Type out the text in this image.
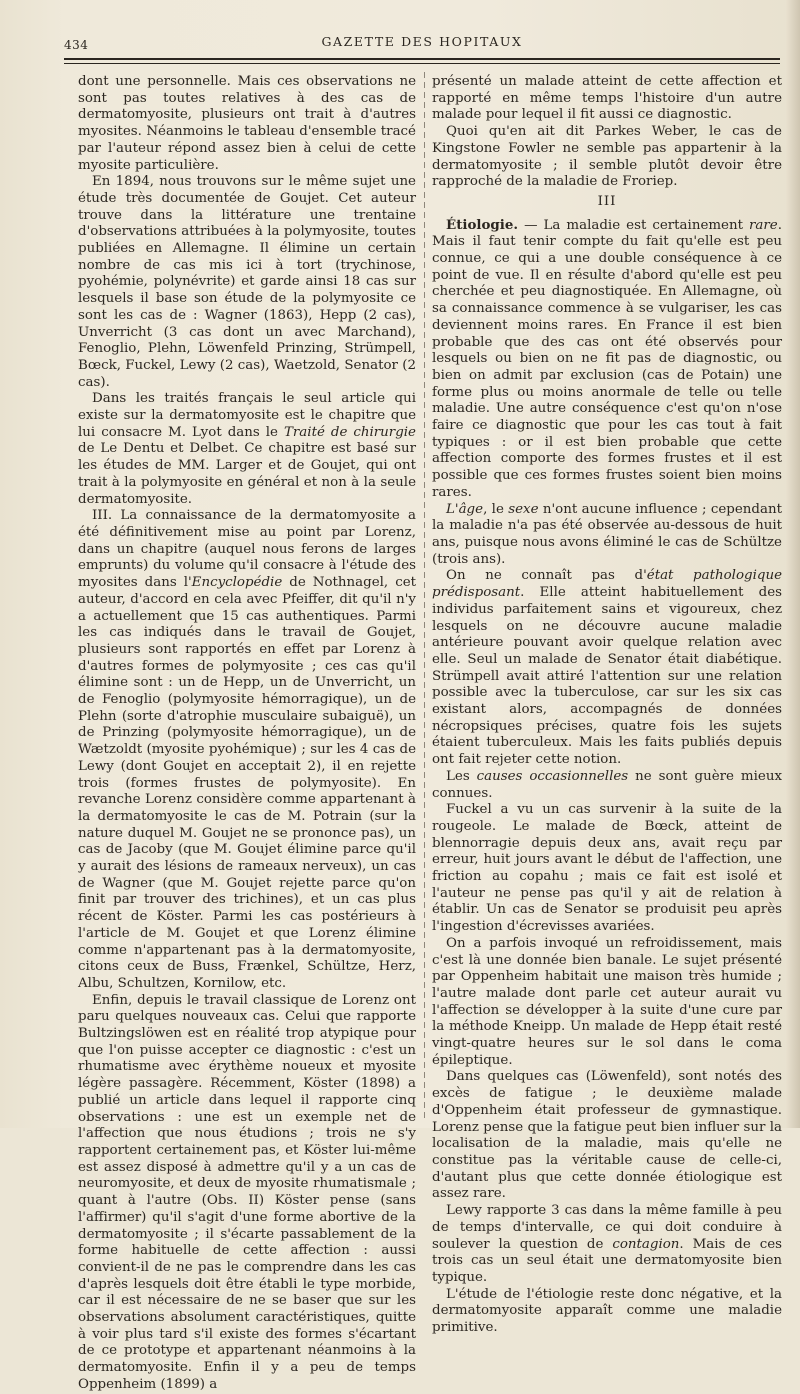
434	GAZETTE DES HOPITAUX

dont une personnelle. Mais ces observations ne sont pas toutes relatives à des cas de dermatomyosite, plusieurs ont trait à d'autres myosites. Néanmoins le tableau d'ensemble tracé par l'auteur répond assez bien à celui de cette myosite particulière.

En 1894, nous trouvons sur le même sujet une étude très documentée de Goujet. Cet auteur trouve dans la littérature une trentaine d'observations attribuées à la polymyosite, toutes publiées en Allemagne. Il élimine un certain nombre de cas mis ici à tort (trychinose, pyohémie, polynévrite) et garde ainsi 18 cas sur lesquels il base son étude de la polymyosite ce sont les cas de : Wagner (1863), Hepp (2 cas), Unverricht (3 cas dont un avec Marchand), Fenoglio, Plehn, Löwenfeld Prinzing, Strümpell, Bœck, Fuckel, Lewy (2 cas), Waetzold, Senator (2 cas).

Dans les traités français le seul article qui existe sur la dermatomyosite est le chapitre que lui consacre M. Lyot dans le Traité de chirurgie de Le Dentu et Delbet. Ce chapitre est basé sur les études de MM. Larger et de Goujet, qui ont trait à la polymyosite en général et non à la seule dermatomyosite.

III. La connaissance de la dermatomyosite a été définitivement mise au point par Lorenz, dans un chapitre (auquel nous ferons de larges emprunts) du volume qu'il consacre à l'étude des myosites dans l'Encyclopédie de Nothnagel, cet auteur, d'accord en cela avec Pfeiffer, dit qu'il n'y a actuellement que 15 cas authentiques. Parmi les cas indiqués dans le travail de Goujet, plusieurs sont rapportés en effet par Lorenz à d'autres formes de polymyosite ; ces cas qu'il élimine sont : un de Hepp, un de Unverricht, un de Fenoglio (polymyosite hémorragique), un de Plehn (sorte d'atrophie musculaire subaiguë), un de Prinzing (polymyosite hémorragique), un de Wætzoldt (myosite pyohémique) ; sur les 4 cas de Lewy (dont Goujet en acceptait 2), il en rejette trois (formes frustes de polymyosite). En revanche Lorenz considère comme appartenant à la dermatomyosite le cas de M. Potrain (sur la nature duquel M. Goujet ne se prononce pas), un cas de Jacoby (que M. Goujet élimine parce qu'il y aurait des lésions de rameaux nerveux), un cas de Wagner (que M. Goujet rejette parce qu'on finit par trouver des trichines), et un cas plus récent de Köster. Parmi les cas postérieurs à l'article de M. Goujet et que Lorenz élimine comme n'appartenant pas à la dermatomyosite, citons ceux de Buss, Frænkel, Schültze, Herz, Albu, Schultzen, Kornilow, etc.

Enfin, depuis le travail classique de Lorenz ont paru quelques nouveaux cas. Celui que rapporte Bultzingslöwen est en réalité trop atypique pour que l'on puisse accepter ce diagnostic : c'est un rhumatisme avec érythème noueux et myosite légère passagère. Récemment, Köster (1898) a publié un article dans lequel il rapporte cinq observations : une est un exemple net de l'affection que nous étudions ; trois ne s'y rapportent certainement pas, et Köster lui-même est assez disposé à admettre qu'il y a un cas de neuromyosite, et deux de myosite rhumatismale ; quant à l'autre (Obs. II) Köster pense (sans l'affirmer) qu'il s'agit d'une forme abortive de la dermatomyosite ; il s'écarte passablement de la forme habituelle de cette affection : aussi convient-il de ne pas le comprendre dans les cas d'après lesquels doit être établi le type morbide, car il est nécessaire de ne se baser que sur les observations absolument caractéristiques, quitte à voir plus tard s'il existe des formes s'écartant de ce prototype et appartenant néanmoins à la dermatomyosite. Enfin il y a peu de temps Oppenheim (1899) a

présenté un malade atteint de cette affection et rapporté en même temps l'histoire d'un autre malade pour lequel il fit aussi ce diagnostic.

Quoi qu'en ait dit Parkes Weber, le cas de Kingstone Fowler ne semble pas appartenir à la dermatomyosite ; il semble plutôt devoir être rapproché de la maladie de Froriep.

III

Étiologie. — La maladie est certainement rare. Mais il faut tenir compte du fait qu'elle est peu connue, ce qui a une double conséquence à ce point de vue. Il en résulte d'abord qu'elle est peu cherchée et peu diagnostiquée. En Allemagne, où sa connaissance commence à se vulgariser, les cas deviennent moins rares. En France il est bien probable que des cas ont été observés pour lesquels ou bien on ne fit pas de diagnostic, ou bien on admit par exclusion (cas de Potain) une forme plus ou moins anormale de telle ou telle maladie. Une autre conséquence c'est qu'on n'ose faire ce diagnostic que pour les cas tout à fait typiques : or il est bien probable que cette affection comporte des formes frustes et il est possible que ces formes frustes soient bien moins rares.

L'âge, le sexe n'ont aucune influence ; cependant la maladie n'a pas été observée au-dessous de huit ans, puisque nous avons éliminé le cas de Schültze (trois ans).

On ne connaît pas d'état pathologique prédisposant. Elle atteint habituellement des individus parfaitement sains et vigoureux, chez lesquels on ne découvre aucune maladie antérieure pouvant avoir quelque relation avec elle. Seul un malade de Senator était diabétique. Strümpell avait attiré l'attention sur une relation possible avec la tuberculose, car sur les six cas existant alors, accompagnés de données nécropsiques précises, quatre fois les sujets étaient tuberculeux. Mais les faits publiés depuis ont fait rejeter cette notion.

Les causes occasionnelles ne sont guère mieux connues.

Fuckel a vu un cas survenir à la suite de la rougeole. Le malade de Bœck, atteint de blennorragie depuis deux ans, avait reçu par erreur, huit jours avant le début de l'affection, une friction au copahu ; mais ce fait est isolé et l'auteur ne pense pas qu'il y ait de relation à établir. Un cas de Senator se produisit peu après l'ingestion d'écrevisses avariées.

On a parfois invoqué un refroidissement, mais c'est là une donnée bien banale. Le sujet présenté par Oppenheim habitait une maison très humide ; l'autre malade dont parle cet auteur aurait vu l'affection se développer à la suite d'une cure par la méthode Kneipp. Un malade de Hepp était resté vingt-quatre heures sur le sol dans le coma épileptique.

Dans quelques cas (Löwenfeld), sont notés des excès de fatigue ; le deuxième malade d'Oppenheim était professeur de gymnastique. Lorenz pense que la fatigue peut bien influer sur la localisation de la maladie, mais qu'elle ne constitue pas la véritable cause de celle-ci, d'autant plus que cette donnée étiologique est assez rare.

Lewy rapporte 3 cas dans la même famille à peu de temps d'intervalle, ce qui doit conduire à soulever la question de contagion. Mais de ces trois cas un seul était une dermatomyosite bien typique.

L'étude de l'étiologie reste donc négative, et la dermatomyosite apparaît comme une maladie primitive.
